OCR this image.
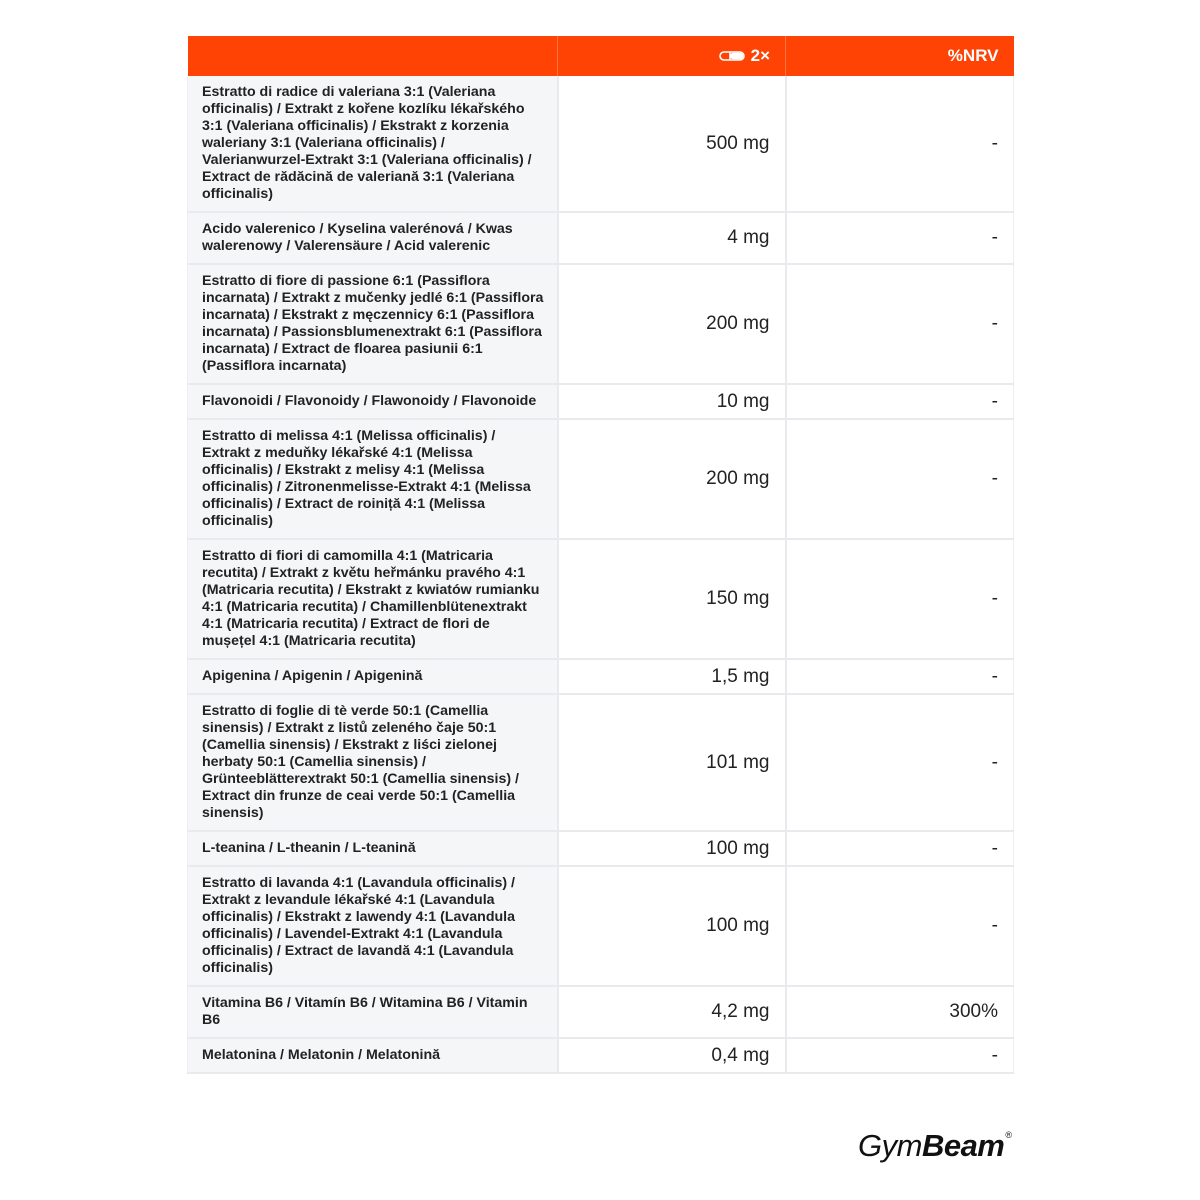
	2×	%NRV
Estratto di radice di valeriana 3:1 (Valeriana officinalis) / Extrakt z kořene kozlíku lékařského 3:1 (Valeriana officinalis) / Ekstrakt z korzenia waleriany 3:1 (Valeriana officinalis) / Valerianwurzel-Extrakt 3:1 (Valeriana officinalis) / Extract de rădăcină de valeriană 3:1 (Valeriana officinalis)	500 mg	-
Acido valerenico / Kyselina valerénová / Kwas walerenowy / Valerensäure / Acid valerenic	4 mg	-
Estratto di fiore di passione 6:1 (Passiflora incarnata) / Extrakt z mučenky jedlé 6:1 (Passiflora incarnata) / Ekstrakt z męczennicy 6:1 (Passiflora incarnata) / Passionsblumenextrakt 6:1 (Passiflora incarnata) / Extract de floarea pasiunii 6:1 (Passiflora incarnata)	200 mg	-
Flavonoidi / Flavonoidy / Flawonoidy / Flavonoide	10 mg	-
Estratto di melissa 4:1 (Melissa officinalis) / Extrakt z meduňky lékařské 4:1 (Melissa officinalis) / Ekstrakt z melisy 4:1 (Melissa officinalis) / Zitronenmelisse-Extrakt 4:1 (Melissa officinalis) / Extract de roiniță 4:1 (Melissa officinalis)	200 mg	-
Estratto di fiori di camomilla 4:1 (Matricaria recutita) / Extrakt z květu heřmánku pravého 4:1 (Matricaria recutita) / Ekstrakt z kwiatów rumianku 4:1 (Matricaria recutita) / Chamillenblütenextrakt 4:1 (Matricaria recutita) / Extract de flori de mușețel 4:1 (Matricaria recutita)	150 mg	-
Apigenina / Apigenin / Apigenină	1,5 mg	-
Estratto di foglie di tè verde 50:1 (Camellia sinensis) / Extrakt z listů zeleného čaje 50:1 (Camellia sinensis) / Ekstrakt z liści zielonej herbaty 50:1 (Camellia sinensis) / Grünteeblätterextrakt 50:1 (Camellia sinensis) / Extract din frunze de ceai verde 50:1 (Camellia sinensis)	101 mg	-
L-teanina / L-theanin / L-teanină	100 mg	-
Estratto di lavanda 4:1 (Lavandula officinalis) / Extrakt z levandule lékařské 4:1 (Lavandula officinalis) / Ekstrakt z lawendy 4:1 (Lavandula officinalis) / Lavendel-Extrakt 4:1 (Lavandula officinalis) / Extract de lavandă 4:1 (Lavandula officinalis)	100 mg	-
Vitamina B6 / Vitamín B6 / Witamina B6 / Vitamin B6	4,2 mg	300%
Melatonina / Melatonin / Melatonină	0,4 mg	-
GymBeam®
